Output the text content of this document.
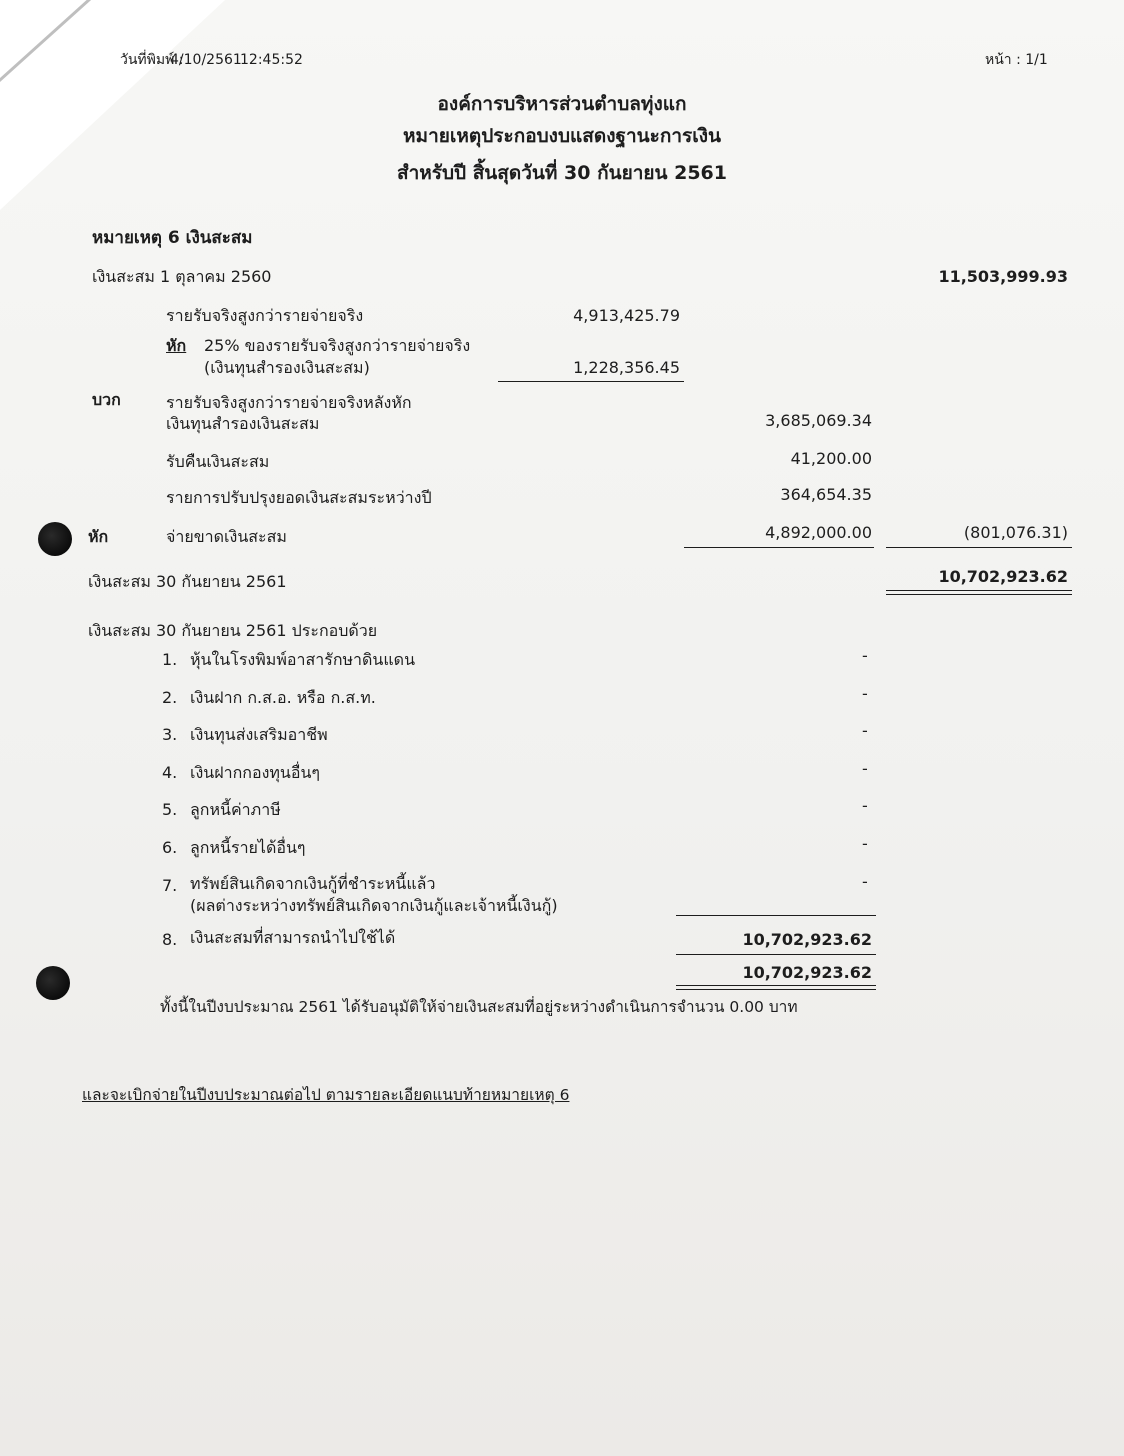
วันที่พิมพ์ :
4/10/2561
12:45:52	หน้า : 1/1
องค์การบริหารส่วนตำบลทุ่งแก
หมายเหตุประกอบงบแสดงฐานะการเงิน
สำหรับปี สิ้นสุดวันที่ 30 กันยายน 2561
หมายเหตุ 6 เงินสะสม
เงินสะสม 1 ตุลาคม 2560	11,503,999.93
รายรับจริงสูงกว่ารายจ่ายจริง	4,913,425.79
หัก 25% ของรายรับจริงสูงกว่ารายจ่ายจริง
(เงินทุนสำรองเงินสะสม)	1,228,356.45
บวก	รายรับจริงสูงกว่ารายจ่ายจริงหลังหัก
เงินทุนสำรองเงินสะสม	3,685,069.34
รับคืนเงินสะสม	41,200.00
รายการปรับปรุงยอดเงินสะสมระหว่างปี	364,654.35
หัก	จ่ายขาดเงินสะสม	4,892,000.00	(801,076.31)
เงินสะสม 30 กันยายน 2561	10,702,923.62
เงินสะสม 30 กันยายน 2561 ประกอบด้วย
1. หุ้นในโรงพิมพ์อาสารักษาดินแดน	-
2. เงินฝาก ก.ส.อ. หรือ ก.ส.ท.	-
3. เงินทุนส่งเสริมอาชีพ	-
4. เงินฝากกองทุนอื่นๆ	-
5. ลูกหนี้ค่าภาษี	-
6. ลูกหนี้รายได้อื่นๆ	-
7. ทรัพย์สินเกิดจากเงินกู้ที่ชำระหนี้แล้ว
(ผลต่างระหว่างทรัพย์สินเกิดจากเงินกู้และเจ้าหนี้เงินกู้)
-
8. เงินสะสมที่สามารถนำไปใช้ได้	10,702,923.62
10,702,923.62
ทั้งนี้ในปีงบประมาณ 2561 ได้รับอนุมัติให้จ่ายเงินสะสมที่อยู่ระหว่างดำเนินการจำนวน 0.00 บาท
และจะเบิกจ่ายในปีงบประมาณต่อไป ตามรายละเอียดแนบท้ายหมายเหตุ 6
